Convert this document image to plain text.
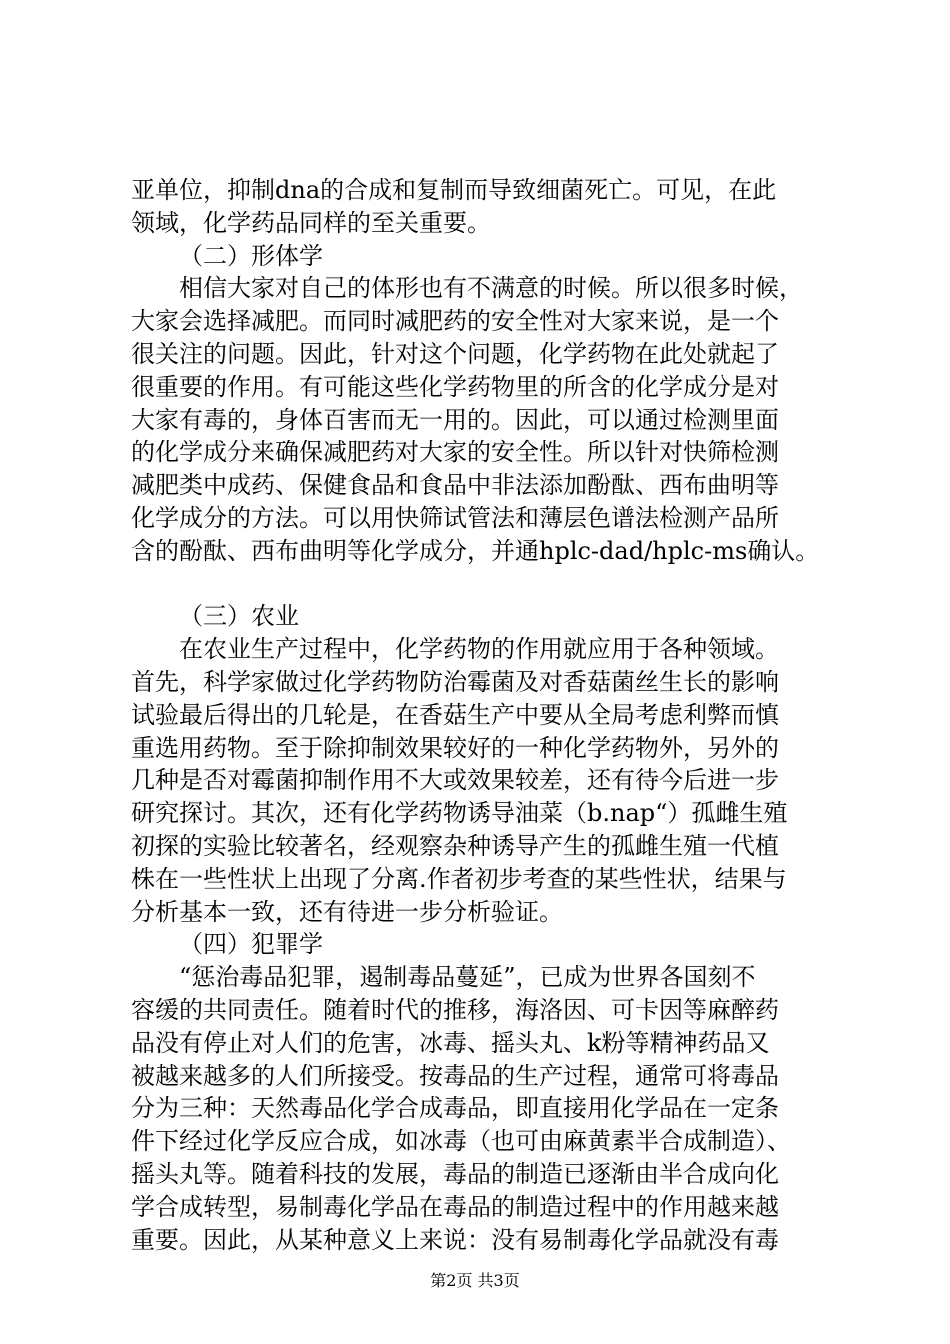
亚单位，抑制dna的合成和复制而导致细菌死亡。可见，在此
领域，化学药品同样的至关重要。
（二）形体学
相信大家对自己的体形也有不满意的时候。所以很多时候，
大家会选择减肥。而同时减肥药的安全性对大家来说，是一个
很关注的问题。因此，针对这个问题，化学药物在此处就起了
很重要的作用。有可能这些化学药物里的所含的化学成分是对
大家有毒的，身体百害而无一用的。因此，可以通过检测里面
的化学成分来确保减肥药对大家的安全性。所以针对快筛检测
减肥类中成药、保健食品和食品中非法添加酚酞、西布曲明等
化学成分的方法。可以用快筛试管法和薄层色谱法检测产品所
含的酚酞、西布曲明等化学成分，并通hplc-dad/hplc-ms确认。
（三）农业
在农业生产过程中，化学药物的作用就应用于各种领域。
首先，科学家做过化学药物防治霉菌及对香菇菌丝生长的影响
试验最后得出的几轮是，在香菇生产中要从全局考虑利弊而慎
重选用药物。至于除抑制效果较好的一种化学药物外，另外的
几种是否对霉菌抑制作用不大或效果较差，还有待今后进一步
研究探讨。其次，还有化学药物诱导油菜（b.nap“）孤雌生殖
初探的实验比较著名，经观察杂种诱导产生的孤雌生殖一代植
株在一些性状上出现了分离.作者初步考查的某些性状，结果与
分析基本一致，还有待进一步分析验证。
（四）犯罪学
“惩治毒品犯罪，遏制毒品蔓延”，已成为世界各国刻不
容缓的共同责任。随着时代的推移，海洛因、可卡因等麻醉药
品没有停止对人们的危害，冰毒、摇头丸、k粉等精神药品又
被越来越多的人们所接受。按毒品的生产过程，通常可将毒品
分为三种：天然毒品化学合成毒品，即直接用化学品在一定条
件下经过化学反应合成，如冰毒（也可由麻黄素半合成制造）、
摇头丸等。随着科技的发展，毒品的制造已逐渐由半合成向化
学合成转型，易制毒化学品在毒品的制造过程中的作用越来越
重要。因此，从某种意义上来说：没有易制毒化学品就没有毒
第2页 共3页
